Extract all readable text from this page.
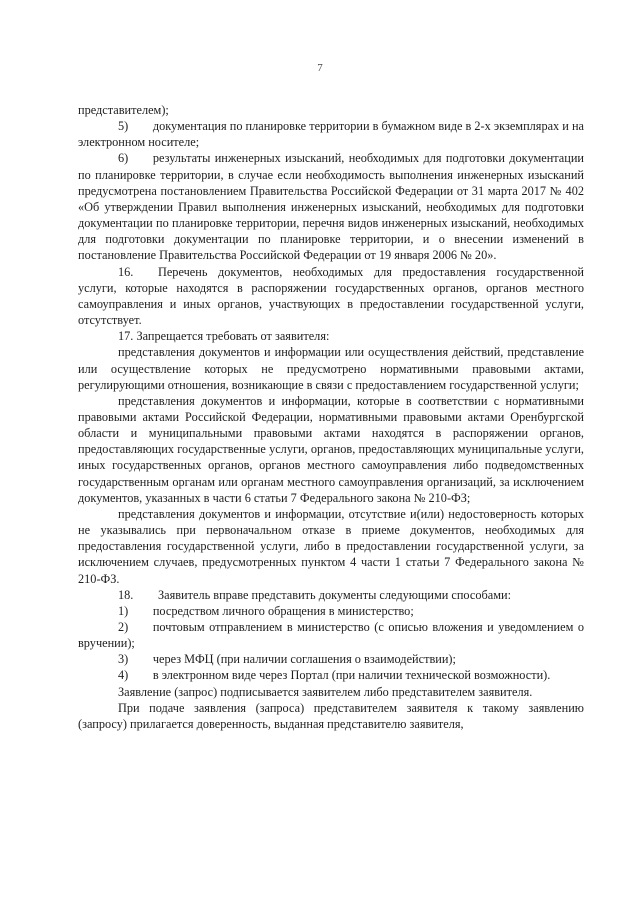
7

представителем);

5)  документация по планировке территории в бумажном виде в 2-х экземплярах и на электронном носителе;

6)  результаты инженерных изысканий, необходимых для подготовки документации по планировке территории, в случае если необходимость выполнения инженерных изысканий предусмотрена постановлением Правительства Российской Федерации от 31 марта 2017 № 402 «Об утверждении Правил выполнения инженерных изысканий, необходимых для подготовки документации по планировке территории, перечня видов инженерных изысканий, необходимых для подготовки документации по планировке территории, и о внесении изменений в постановление Правительства Российской Федерации от 19 января 2006 № 20».

16.  Перечень документов, необходимых для предоставления государственной услуги, которые находятся в распоряжении государственных органов, органов местного самоуправления и иных органов, участвующих в предоставлении государственной услуги, отсутствует.

17. Запрещается требовать от заявителя:

представления документов и информации или осуществления действий, представление или осуществление которых не предусмотрено нормативными правовыми актами, регулирующими отношения, возникающие в связи с предоставлением государственной услуги;

представления документов и информации, которые в соответствии с нормативными правовыми актами Российской Федерации, нормативными правовыми актами Оренбургской области и муниципальными правовыми актами находятся в распоряжении органов, предоставляющих государственные услуги, органов, предоставляющих муниципальные услуги, иных государственных органов, органов местного самоуправления либо подведомственных государственным органам или органам местного самоуправления организаций, за исключением документов, указанных в части 6 статьи 7 Федерального закона № 210-ФЗ;

представления документов и информации, отсутствие и(или) недостоверность которых не указывались при первоначальном отказе в приеме документов, необходимых для предоставления государственной услуги, либо в предоставлении государственной услуги, за исключением случаев, предусмотренных пунктом 4 части 1 статьи 7 Федерального закона № 210-ФЗ.

18.  Заявитель вправе представить документы следующими способами:

1)  посредством личного обращения в министерство;

2)  почтовым отправлением в министерство (с описью вложения и уведомлением о вручении);

3)  через МФЦ (при наличии соглашения о взаимодействии);

4)  в электронном виде через Портал (при наличии технической возможности).

Заявление (запрос) подписывается заявителем либо представителем заявителя.

При подаче заявления (запроса) представителем заявителя к такому заявлению (запросу) прилагается доверенность, выданная представителю заявителя,
